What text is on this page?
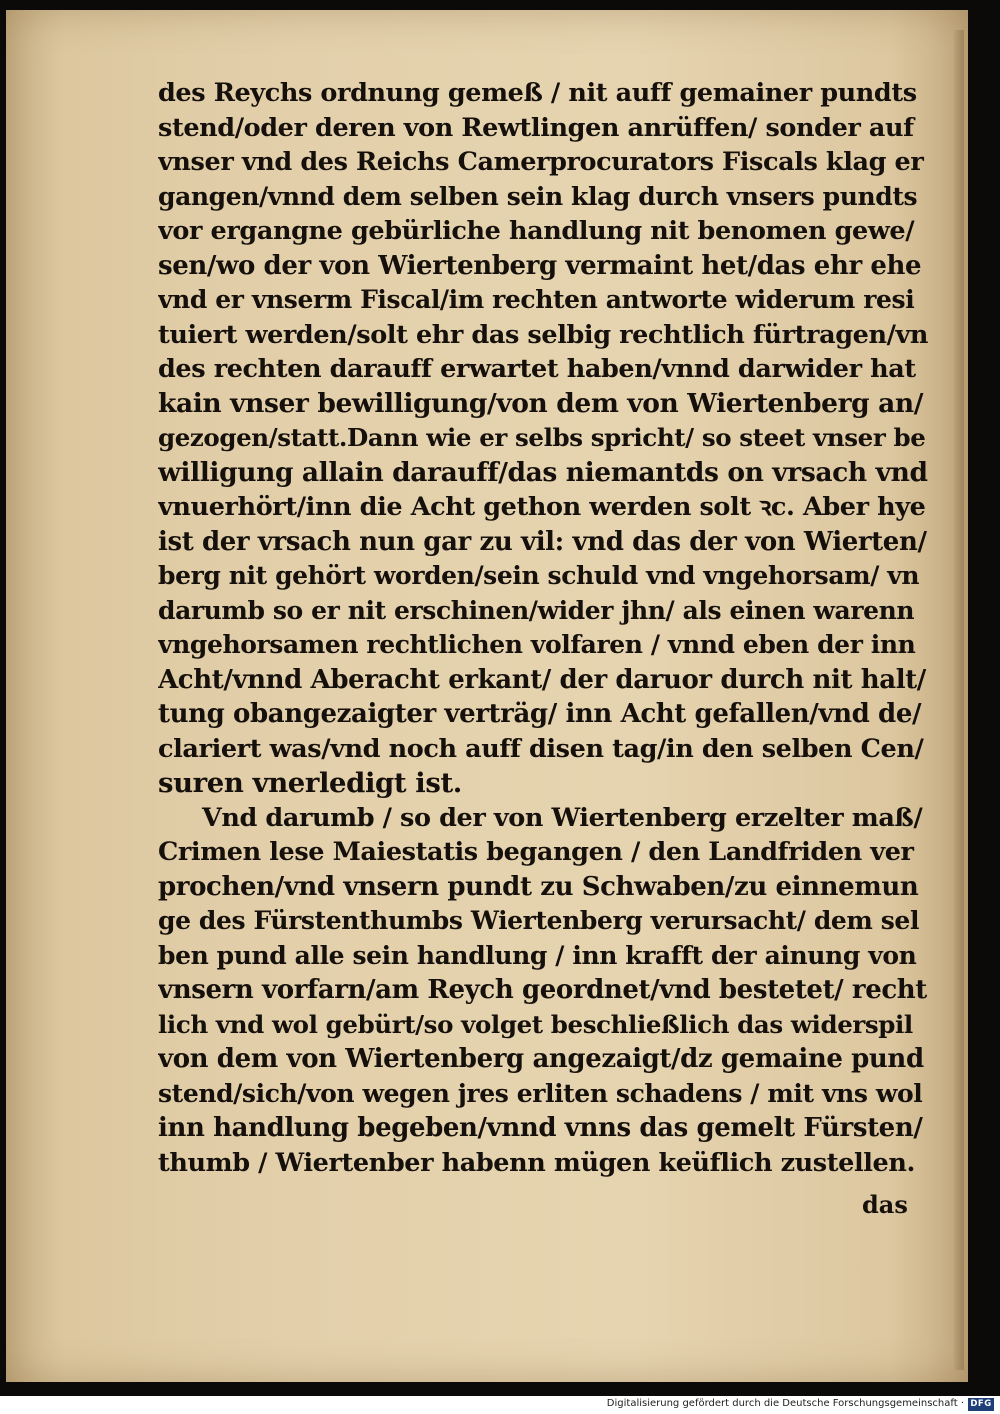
des Reychs ordnung gemeß / nit auff gemainer pundts
stend/oder deren von Rewtlingen anrüffen/ sonder auf
vnser vnd des Reichs Camerprocurators Fiscals klag er
gangen/vnnd dem selben sein klag durch vnsers pundts
vor ergangne gebürliche handlung nit benomen gewe/
sen/wo der von Wiertenberg vermaint het/das ehr ehe
vnd er vnserm Fiscal/im rechten antworte widerum resi
tuiert werden/solt ehr das selbig rechtlich fürtragen/vn
des rechten darauff erwartet haben/vnnd darwider hat
kain vnser bewilligung/von dem von Wiertenberg an/
gezogen/statt.Dann wie er selbs spricht/ so steet vnser be
willigung allain darauff/das niemantds on vrsach vnd
vnuerhört/inn die Acht gethon werden solt ꝛc. Aber hye
ist der vrsach nun gar zu vil: vnd das der von Wierten/
berg nit gehört worden/sein schuld vnd vngehorsam/ vn
darumb so er nit erschinen/wider jhn/ als einen warenn
vngehorsamen rechtlichen volfaren / vnnd eben der inn
Acht/vnnd Aberacht erkant/ der daruor durch nit halt/
tung obangezaigter verträg/ inn Acht gefallen/vnd de/
clariert was/vnd noch auff disen tag/in den selben Cen/
suren vnerledigt ist.
Vnd darumb / so der von Wiertenberg erzelter maß/
Crimen lese Maiestatis begangen / den Landfriden ver
prochen/vnd vnsern pundt zu Schwaben/zu einnemun
ge des Fürstenthumbs Wiertenberg verursacht/ dem sel
ben pund alle sein handlung / inn krafft der ainung von
vnsern vorfarn/am Reych geordnet/vnd bestetet/ recht
lich vnd wol gebürt/so volget beschließlich das widerspil
von dem von Wiertenberg angezaigt/dz gemaine pund
stend/sich/von wegen jres erliten schadens / mit vns wol
inn handlung begeben/vnnd vnns das gemelt Fürsten/
thumb / Wiertenber habenn mügen keüflich zustellen.
das
Digitalisierung gefördert durch die Deutsche Forschungsgemeinschaft · DFG
